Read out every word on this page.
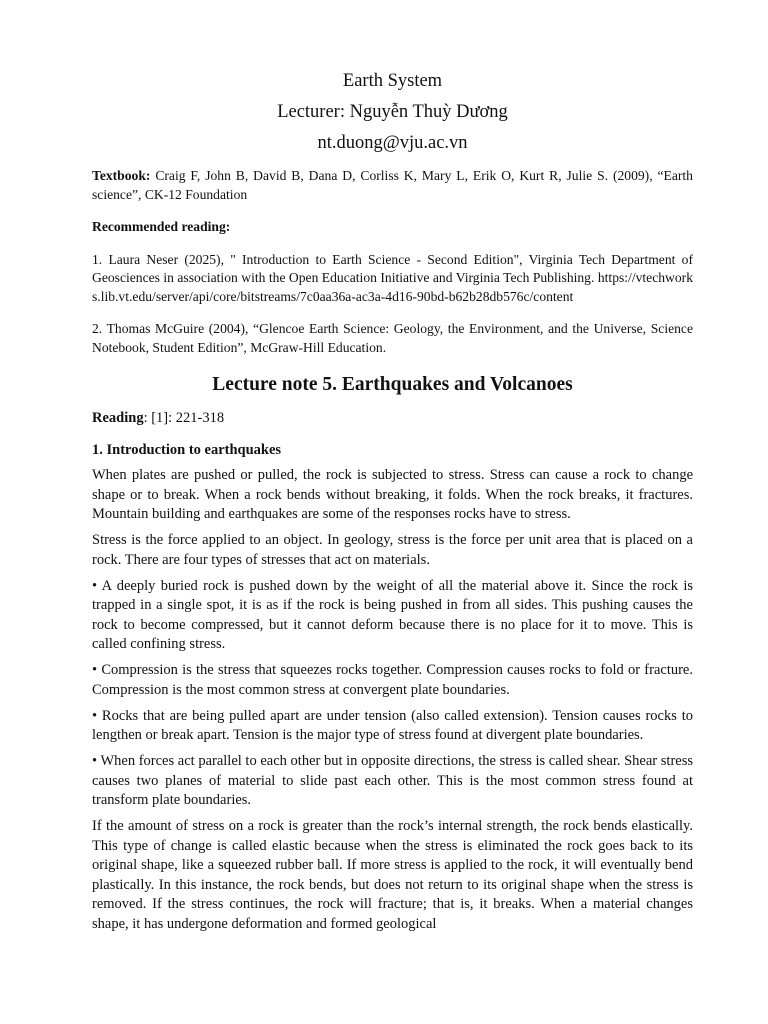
Earth System

Lecturer: Nguyễn Thuỳ Dương

nt.duong@vju.ac.vn

Textbook: Craig F, John B, David B, Dana D, Corliss K, Mary L, Erik O, Kurt R, Julie S. (2009), “Earth science”, CK-12 Foundation

Recommended reading:

1. Laura Neser (2025), " Introduction to Earth Science - Second Edition", Virginia Tech Department of Geosciences in association with the Open Education Initiative and Virginia Tech Publishing. https://vtechworks.lib.vt.edu/server/api/core/bitstreams/7c0aa36a-ac3a-4d16-90bd-b62b28db576c/content

2. Thomas McGuire (2004), “Glencoe Earth Science: Geology, the Environment, and the Universe, Science Notebook, Student Edition”, McGraw-Hill Education.

Lecture note 5. Earthquakes and Volcanoes

Reading: [1]: 221-318

1. Introduction to earthquakes

When plates are pushed or pulled, the rock is subjected to stress. Stress can cause a rock to change shape or to break. When a rock bends without breaking, it folds. When the rock breaks, it fractures. Mountain building and earthquakes are some of the responses rocks have to stress.

Stress is the force applied to an object. In geology, stress is the force per unit area that is placed on a rock. There are four types of stresses that act on materials.

• A deeply buried rock is pushed down by the weight of all the material above it. Since the rock is trapped in a single spot, it is as if the rock is being pushed in from all sides. This pushing causes the rock to become compressed, but it cannot deform because there is no place for it to move. This is called confining stress.

• Compression is the stress that squeezes rocks together. Compression causes rocks to fold or fracture. Compression is the most common stress at convergent plate boundaries.

• Rocks that are being pulled apart are under tension (also called extension). Tension causes rocks to lengthen or break apart. Tension is the major type of stress found at divergent plate boundaries.

• When forces act parallel to each other but in opposite directions, the stress is called shear. Shear stress causes two planes of material to slide past each other. This is the most common stress found at transform plate boundaries.

If the amount of stress on a rock is greater than the rock’s internal strength, the rock bends elastically. This type of change is called elastic because when the stress is eliminated the rock goes back to its original shape, like a squeezed rubber ball. If more stress is applied to the rock, it will eventually bend plastically. In this instance, the rock bends, but does not return to its original shape when the stress is removed. If the stress continues, the rock will fracture; that is, it breaks. When a material changes shape, it has undergone deformation and formed geological
